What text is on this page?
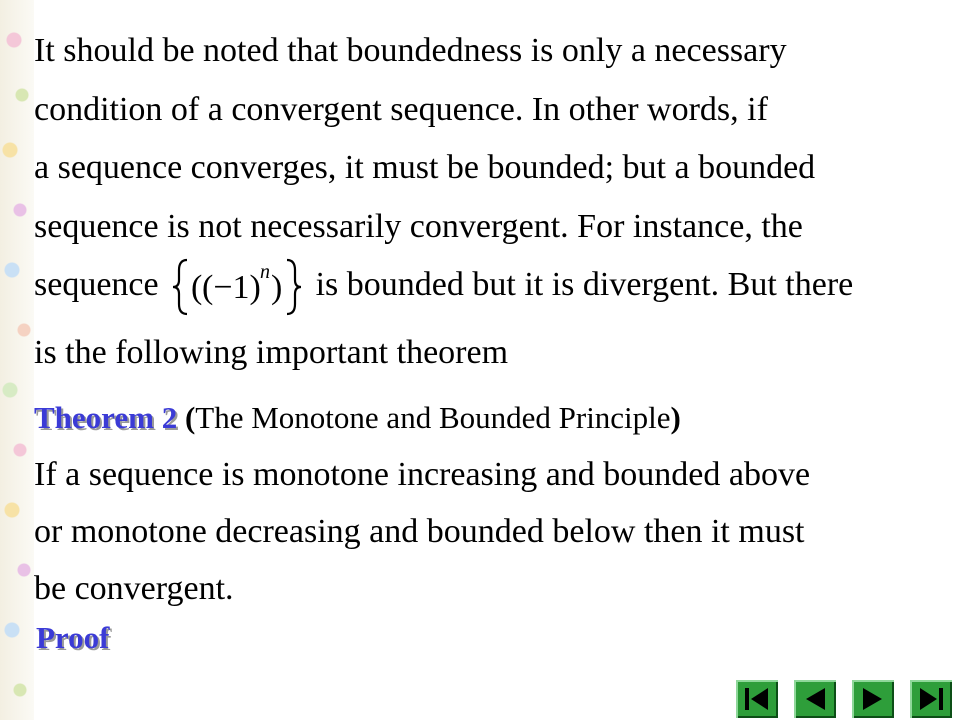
It should be noted that boundedness is only a necessary
condition of a convergent sequence. In other words, if
a sequence converges, it must be bounded; but a bounded
sequence is not necessarily convergent. For instance, the
sequence ( (−1) n ) is bounded but it is divergent. But there
is the following important theorem
Theorem 2 (The Monotone and Bounded Principle)
If a sequence is monotone increasing and bounded above
or monotone decreasing and bounded below then it must
be convergent.
Proof
